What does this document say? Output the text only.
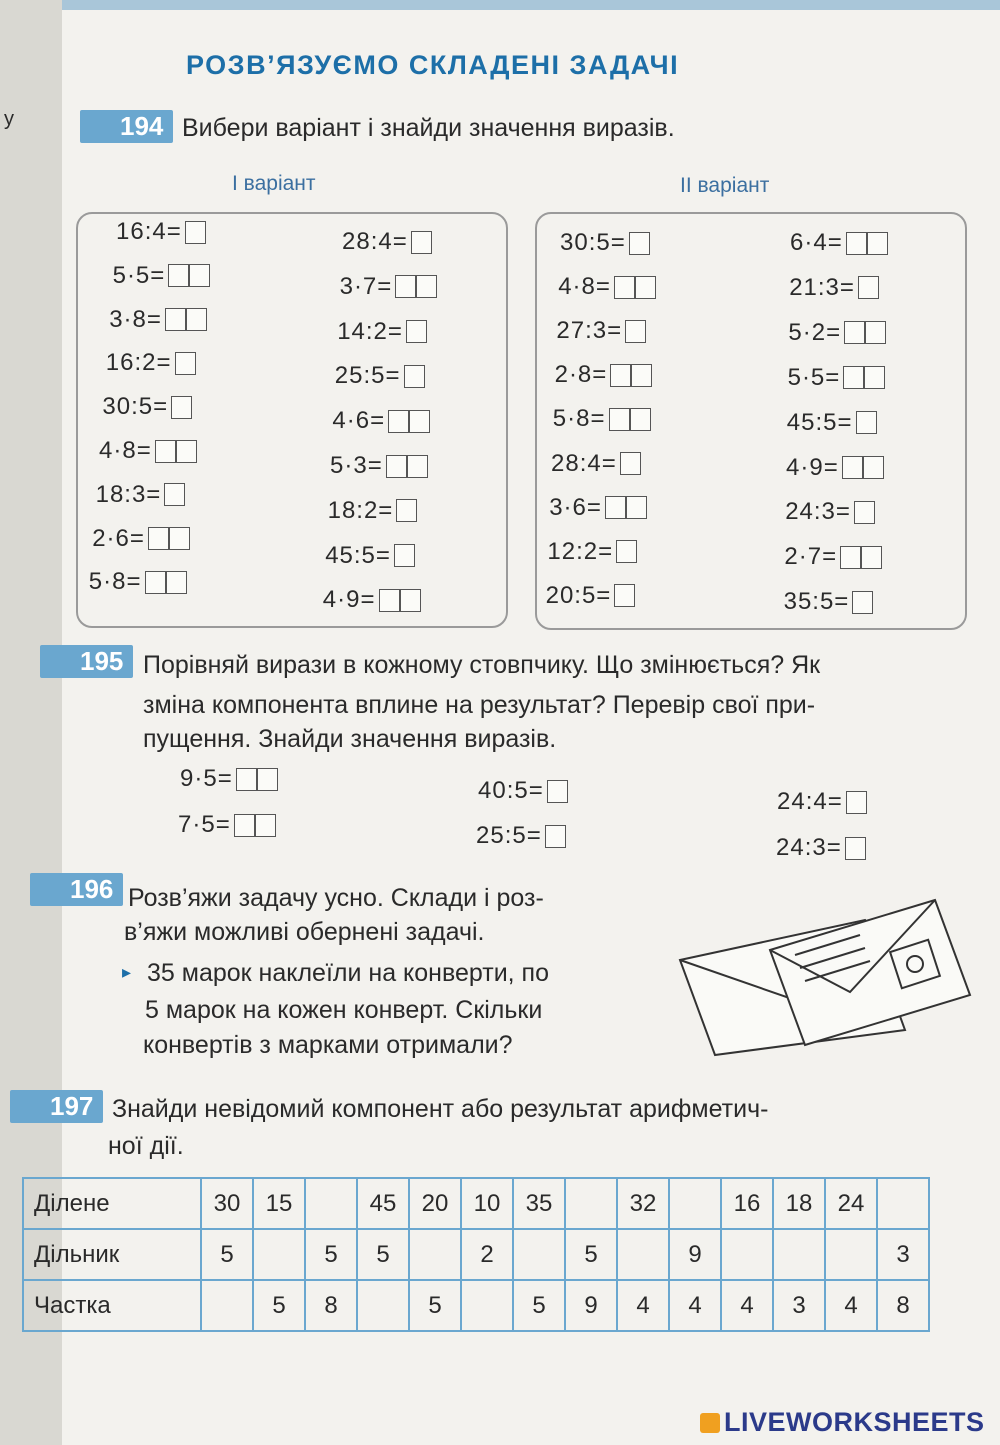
у
РОЗВ’ЯЗУЄМО СКЛАДЕНІ ЗАДАЧІ
194 Вибери варіант і знайди значення виразів.
І варіант	ІІ варіант
16:4=
5·5=
3·8=
16:2=
30:5=
4·8=
18:3=
2·6=
5·8=
28:4=
3·7=
14:2=
25:5=
4·6=
5·3=
18:2=
45:5=
4·9=
30:5=
4·8=
27:3=
2·8=
5·8=
28:4=
3·6=
12:2=
20:5=
6·4=
21:3=
5·2=
5·5=
45:5=
4·9=
24:3=
2·7=
35:5=
195 Порівняй вирази в кожному стовпчику. Що змінюється? Як
зміна компонента вплине на результат? Перевір свої при-
пущення. Знайди значення виразів.
9·5=
7·5=
40:5=
25:5=
24:4=
24:3=
196 Розв’яжи задачу усно. Склади і роз-
в’яжи можливі обернені задачі.
▸ 35 марок наклеїли на конверти, по
5 марок на кожен конверт. Скільки
конвертів з марками отримали?
197 Знайди невідомий компонент або результат арифметич-
ної дії.
Ділене	30	15		45	20	10	35		32		16	18	24	
Дільник	5		5	5		2		5		9				3
Частка		5	8		5		5	9	4	4	4	3	4	8
LIVEWORKSHEETS
